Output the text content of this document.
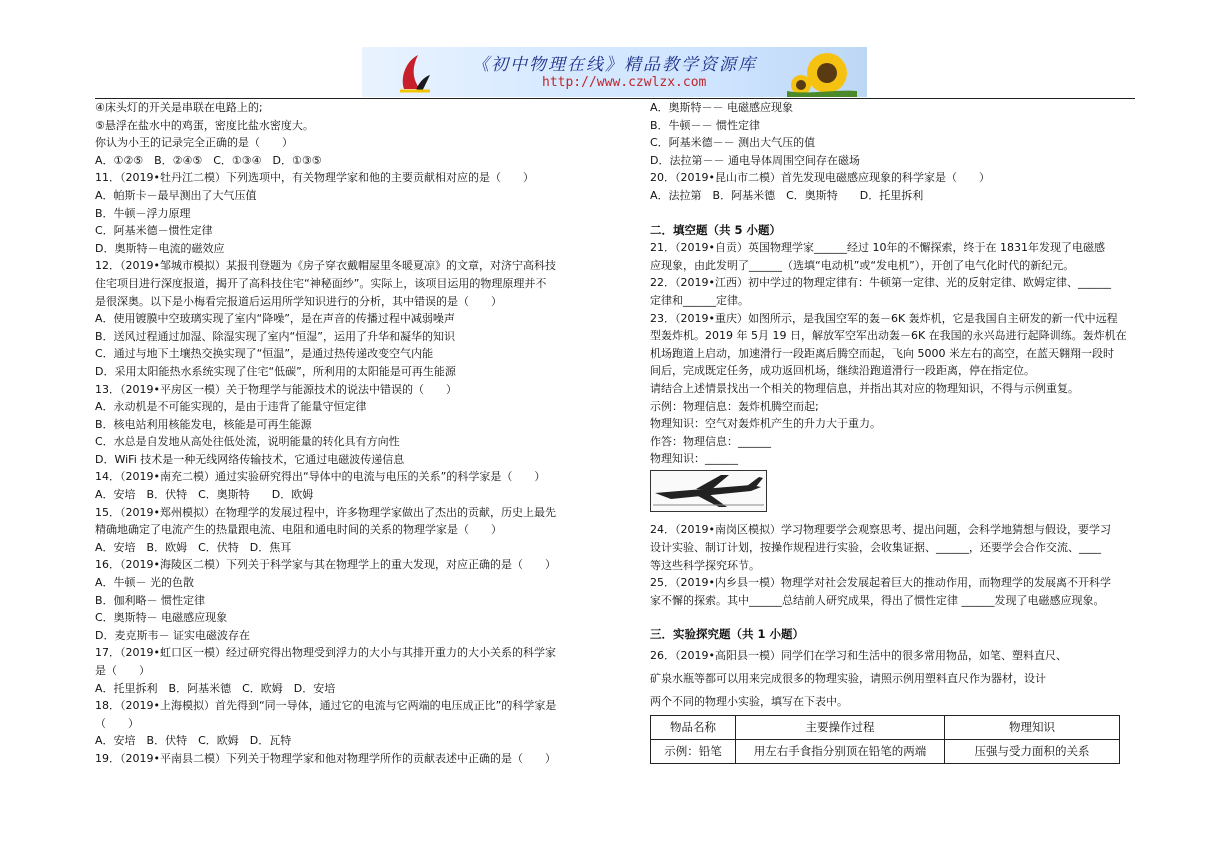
《初中物理在线》精品教学资源库
http://www.czwlzx.com

④床头灯的开关是串联在电路上的;

⑤悬浮在盐水中的鸡蛋，密度比盐水密度大。

你认为小王的记录完全正确的是（　　）

A．①②⑤　B．②④⑤　C．①③④　D．①③⑤

11．（2019•牡丹江二模）下列选项中，有关物理学家和他的主要贡献相对应的是（　　）

A．帕斯卡－最早测出了大气压值

B．牛顿－浮力原理

C．阿基米德－惯性定律

D．奥斯特－电流的磁效应

12．（2019•邹城市模拟）某报刊登题为《房子穿衣戴帽屋里冬暖夏凉》的文章，对济宁高科技

住宅项目进行深度报道，揭开了高科技住宅“神秘面纱”。实际上，该项目运用的物理原理并不

是很深奥。以下是小梅看完报道后运用所学知识进行的分析，其中错误的是（　　）

A．使用镀膜中空玻璃实现了室内“降噪”，是在声音的传播过程中减弱噪声

B．送风过程通过加湿、除湿实现了室内“恒湿”，运用了升华和凝华的知识

C．通过与地下土壤热交换实现了“恒温”，是通过热传递改变空气内能

D．采用太阳能热水系统实现了住宅“低碳”，所利用的太阳能是可再生能源

13．（2019•平房区一模）关于物理学与能源技术的说法中错误的（　　）

A．永动机是不可能实现的，是由于违背了能量守恒定律

B．核电站利用核能发电，核能是可再生能源

C．水总是自发地从高处往低处流，说明能量的转化具有方向性

D．WiFi 技术是一种无线网络传输技术，它通过电磁波传递信息

14．（2019•南充二模）通过实验研究得出“导体中的电流与电压的关系”的科学家是（　　）

A．安培　B．伏特　C．奥斯特　　D．欧姆

15．（2019•郑州模拟）在物理学的发展过程中，许多物理学家做出了杰出的贡献，历史上最先

精确地确定了电流产生的热量跟电流、电阻和通电时间的关系的物理学家是（　　）

A．安培　B．欧姆　C．伏特　D．焦耳

16．（2019•海陵区二模）下列关于科学家与其在物理学上的重大发现，对应正确的是（　　）

A．牛顿－ 光的色散

B．伽利略－ 惯性定律

C．奥斯特－ 电磁感应现象

D．麦克斯韦－ 证实电磁波存在

17．（2019•虹口区一模）经过研究得出物理受到浮力的大小与其排开重力的大小关系的科学家

是（　　）

A．托里拆利　B．阿基米德　C．欧姆　D．安培

18．（2019•上海模拟）首先得到“同一导体，通过它的电流与它两端的电压成正比”的科学家是

（　　）

A．安培　B．伏特　C．欧姆　D．瓦特

19．（2019•平南县二模）下列关于物理学家和他对物理学所作的贡献表述中正确的是（　　）

A．奥斯特－－ 电磁感应现象

B．牛顿－－ 惯性定律

C．阿基米德－－ 测出大气压的值

D．法拉第－－ 通电导体周围空间存在磁场

20．（2019•昆山市二模）首先发现电磁感应现象的科学家是（　　）

A．法拉第　B．阿基米德　C．奥斯特　　D．托里拆利

二．填空题（共 5 小题）

21．（2019•自贡）英国物理学家______经过 10年的不懈探索，终于在 1831年发现了电磁感

应现象，由此发明了______（选填“电动机”或“发电机”），开创了电气化时代的新纪元。

22．（2019•江西）初中学过的物理定律有：牛顿第一定律、光的反射定律、欧姆定律、______

定律和______定律。

23．（2019•重庆）如图所示，是我国空军的轰－6K 轰炸机，它是我国自主研发的新一代中远程

型轰炸机。2019 年 5月 19 日，解放军空军出动轰－6K 在我国的永兴岛进行起降训练。轰炸机在

机场跑道上启动，加速滑行一段距离后腾空而起，飞向 5000 米左右的高空，在蓝天翱翔一段时

间后，完成既定任务，成功返回机场，继续沿跑道滑行一段距离，停在指定位。

请结合上述情景找出一个相关的物理信息，并指出其对应的物理知识，不得与示例重复。

示例：物理信息：轰炸机腾空而起;

物理知识：空气对轰炸机产生的升力大于重力。

作答：物理信息：______

物理知识：______

24．（2019•南岗区模拟）学习物理要学会观察思考、提出问题，会科学地猜想与假设，要学习

设计实验、制订计划，按操作规程进行实验，会收集证据、______，还要学会合作交流、____

等这些科学探究环节。

25．（2019•内乡县一模）物理学对社会发展起着巨大的推动作用，而物理学的发展离不开科学

家不懈的探索。其中______总结前人研究成果，得出了惯性定律 ______发现了电磁感应现象。

三．实验探究题（共 1 小题）

26．（2019•高阳县一模）同学们在学习和生活中的很多常用物品，如笔、塑料直尺、

矿泉水瓶等都可以用来完成很多的物理实验，请照示例用塑料直尺作为器材，设计

两个不同的物理小实验，填写在下表中。

物品名称	主要操作过程	物理知识
示例：铅笔	用左右手食指分别顶在铅笔的两端	压强与受力面积的关系
